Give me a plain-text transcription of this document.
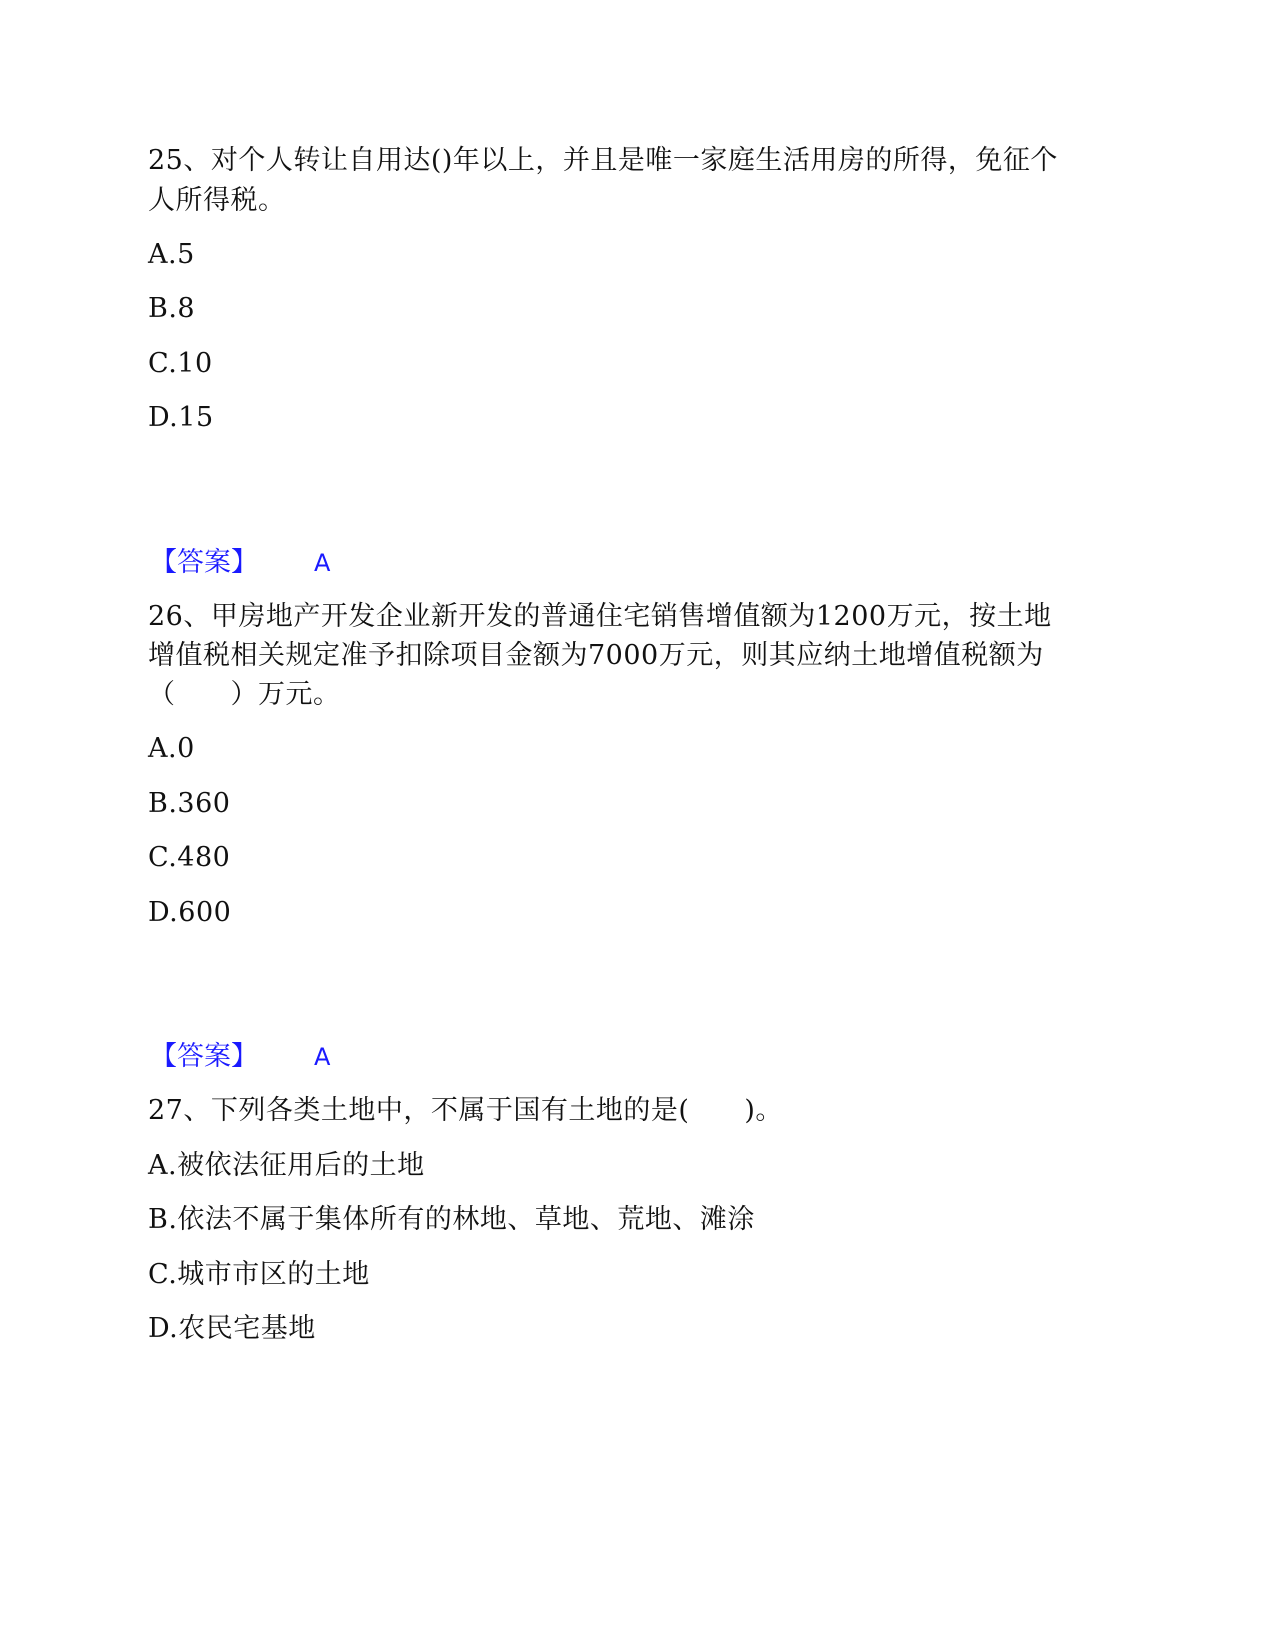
25、对个人转让自用达()年以上，并且是唯一家庭生活用房的所得，免征个
人所得税。
A.5
B.8
C.10
D.15
【答案】 A
26、甲房地产开发企业新开发的普通住宅销售增值额为1200万元，按土地
增值税相关规定准予扣除项目金额为7000万元，则其应纳土地增值税额为
（　　）万元。
A.0
B.360
C.480
D.600
【答案】 A
27、下列各类土地中，不属于国有土地的是(　　)。
A.被依法征用后的土地
B.依法不属于集体所有的林地、草地、荒地、滩涂
C.城市市区的土地
D.农民宅基地
